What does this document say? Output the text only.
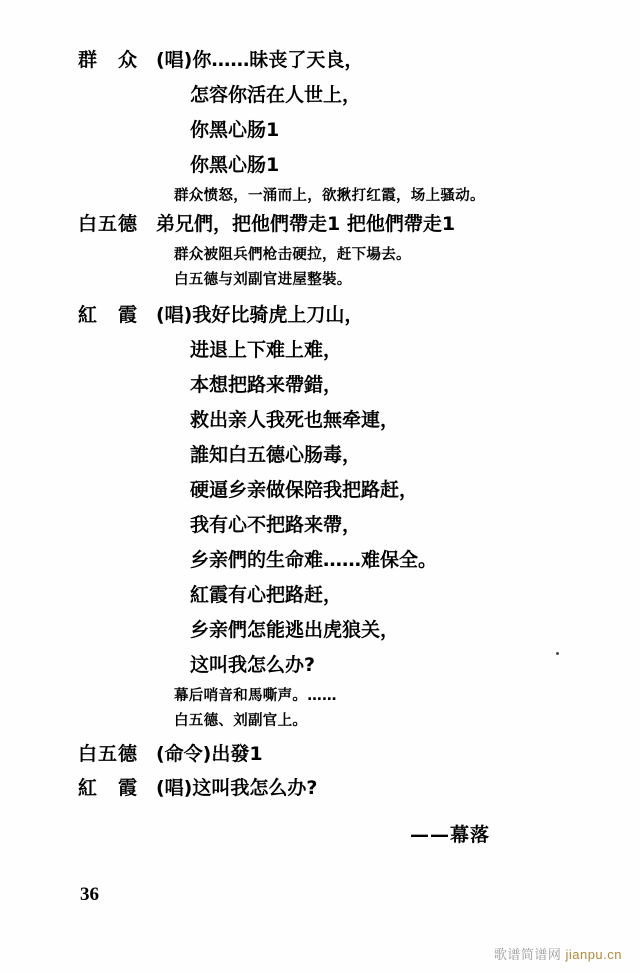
群　众 (唱)你……昧丧了天良，
怎容你活在人世上，
你黑心肠1
你黑心肠1
群众愤怒，一涌而上，欲揪打红霞，场上骚动。
白五德 弟兄們，把他們帶走1 把他們帶走1
群众被阻兵們枪击硬拉，赶下場去。
白五德与刘副官进屋整裝。
紅　霞 (唱)我好比骑虎上刀山，
进退上下难上难，
本想把路来帶錯，
救出亲人我死也無牵連，
誰知白五德心肠毒，
硬逼乡亲做保陪我把路赶，
我有心不把路来帶，
乡亲們的生命难……难保全。
紅霞有心把路赶，
乡亲們怎能逃出虎狼关，
这叫我怎么办?
幕后哨音和馬嘶声。……
白五德、刘副官上。
白五德 (命令)出發1
紅　霞 (唱)这叫我怎么办?
——幕落
36
歌谱简谱网 jianpu.cn
